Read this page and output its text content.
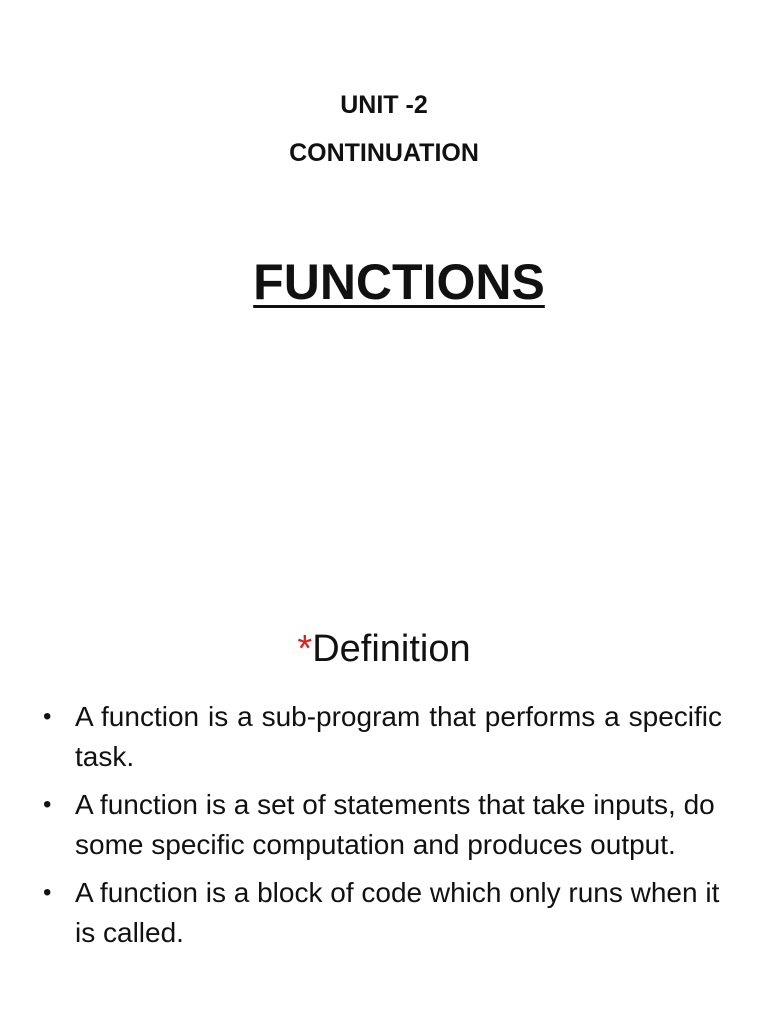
UNIT -2
CONTINUATION
FUNCTIONS
*Definition
• A function is a sub-program that performs a specific task.
• A function is a set of statements that take inputs, do some specific computation and produces output.
• A function is a block of code which only runs when it is called.
